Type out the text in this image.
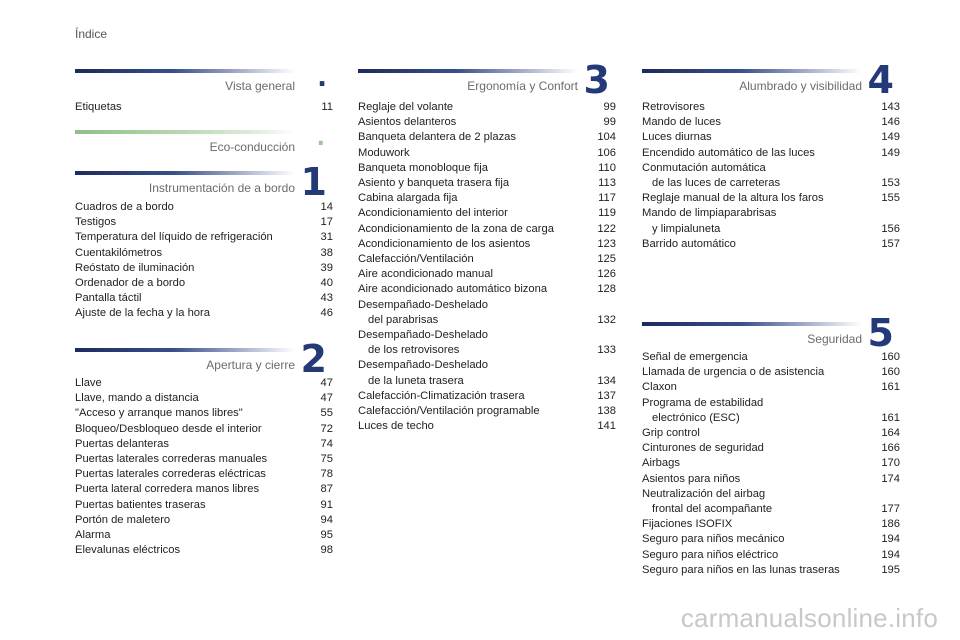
Índice
Vista general .
Etiquetas	11
Eco-conducción .
Instrumentación de a bordo 1
Cuadros de a bordo	14
Testigos	17
Temperatura del líquido de refrigeración	31
Cuentakilómetros	38
Reóstato de iluminación	39
Ordenador de a bordo	40
Pantalla táctil	43
Ajuste de la fecha y la hora	46
Apertura y cierre 2
Llave	47
Llave, mando a distancia	47
"Acceso y arranque manos libres"	55
Bloqueo/Desbloqueo desde el interior	72
Puertas delanteras	74
Puertas laterales correderas manuales	75
Puertas laterales correderas eléctricas	78
Puerta lateral corredera manos libres	87
Puertas batientes traseras	91
Portón de maletero	94
Alarma	95
Elevalunas eléctricos	98
Ergonomía y Confort 3
Reglaje del volante	99
Asientos delanteros	99
Banqueta delantera de 2 plazas	104
Moduwork	106
Banqueta monobloque fija	110
Asiento y banqueta trasera fija	113
Cabina alargada fija	117
Acondicionamiento del interior	119
Acondicionamiento de la zona de carga	122
Acondicionamiento de los asientos	123
Calefacción/Ventilación	125
Aire acondicionado manual	126
Aire acondicionado automático bizona	128
Desempañado-Deshelado
del parabrisas	132
Desempañado-Deshelado
de los retrovisores	133
Desempañado-Deshelado
de la luneta trasera	134
Calefacción-Climatización trasera	137
Calefacción/Ventilación programable	138
Luces de techo	141
Alumbrado y visibilidad 4
Retrovisores	143
Mando de luces	146
Luces diurnas	149
Encendido automático de las luces	149
Conmutación automática
de las luces de carreteras	153
Reglaje manual de la altura los faros	155
Mando de limpiaparabrisas
y limpialuneta	156
Barrido automático	157
Seguridad 5
Señal de emergencia	160
Llamada de urgencia o de asistencia	160
Claxon	161
Programa de estabilidad
electrónico (ESC)	161
Grip control	164
Cinturones de seguridad	166
Airbags	170
Asientos para niños	174
Neutralización del airbag
frontal del acompañante	177
Fijaciones ISOFIX	186
Seguro para niños mecánico	194
Seguro para niños eléctrico	194
Seguro para niños en las lunas traseras	195
carmanualsonline.info
